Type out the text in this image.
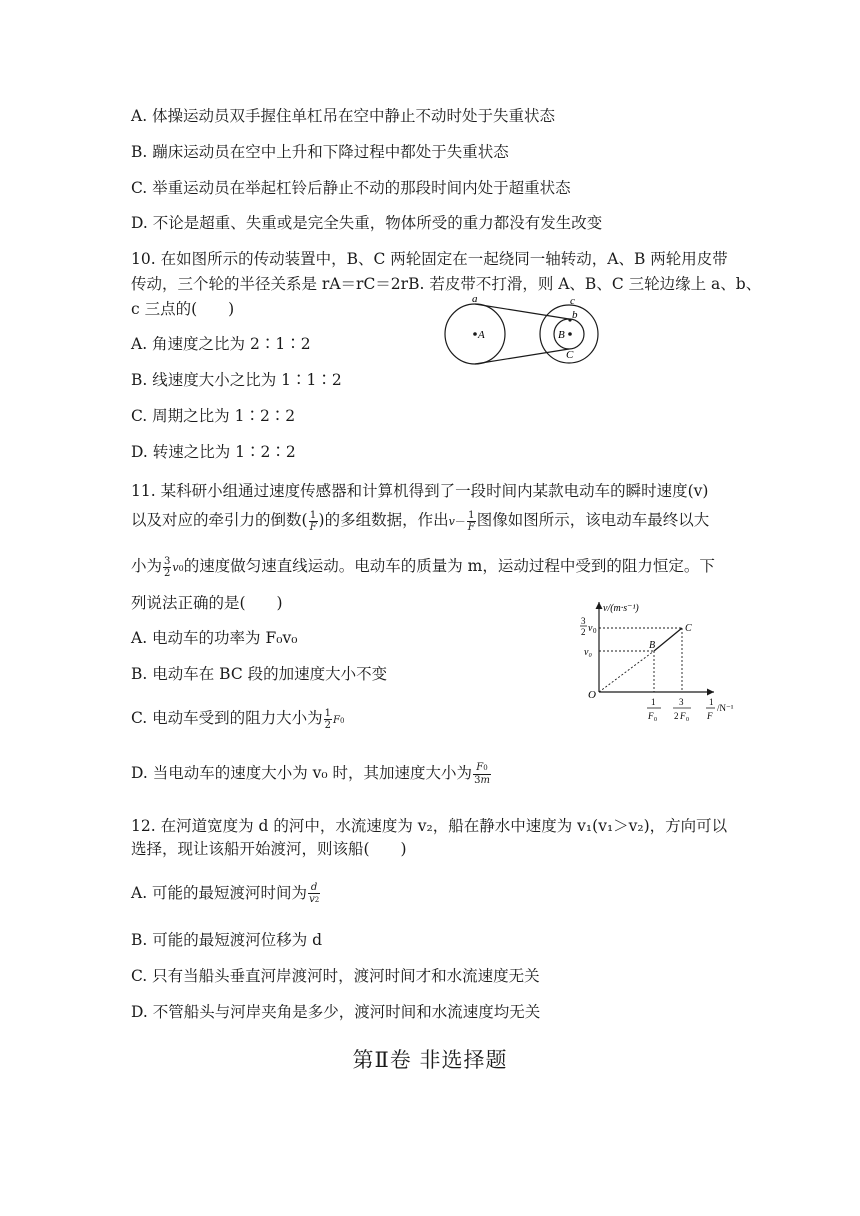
A. 体操运动员双手握住单杠吊在空中静止不动时处于失重状态
B. 蹦床运动员在空中上升和下降过程中都处于失重状态
C. 举重运动员在举起杠铃后静止不动的那段时间内处于超重状态
D. 不论是超重、失重或是完全失重，物体所受的重力都没有发生改变
10. 在如图所示的传动装置中，B、C 两轮固定在一起绕同一轴转动，A、B 两轮用皮带
传动，三个轮的半径关系是 rA＝rC＝2rB. 若皮带不打滑，则 A、B、C 三轮边缘上 a、b、
c 三点的(　　)
A. 角速度之比为 2∶1∶2
B. 线速度大小之比为 1∶1∶2
C. 周期之比为 1∶2∶2
D. 转速之比为 1∶2∶2
A	B
C
a
b
c
11. 某科研小组通过速度传感器和计算机得到了一段时间内某款电动车的瞬时速度(v)
以及对应的牵引力的倒数( $\frac{1}{F}$ )的多组数据，作出$v- \frac{1}{F}$ 图像如图所示，该电动车最终以大
小为 $\frac{3}{2} v0$的速度做匀速直线运动。电动车的质量为 m，运动过程中受到的阻力恒定。下
列说法正确的是(　　)
A. 电动车的功率为 F₀v₀
B. 电动车在 BC 段的加速度大小不变
C. 电动车受到的阻力大小为 $\frac{1}{2} F0$
D. 当电动车的速度大小为 v₀ 时，其加速度大小为 $\frac{F0}{3m}$
v/(m·s⁻¹)
O
B
C
v₀
3
2 v 0
1
F 0
3
2 F 0
1
F
/N⁻¹
12. 在河道宽度为 d 的河中，水流速度为 v₂，船在静水中速度为 v₁(v₁＞v₂)，方向可以
选择，现让该船开始渡河，则该船(　　)
A. 可能的最短渡河时间为 $\frac{d}{v2}$
B. 可能的最短渡河位移为 d
C. 只有当船头垂直河岸渡河时，渡河时间才和水流速度无关
D. 不管船头与河岸夹角是多少，渡河时间和水流速度均无关
第Ⅱ卷 非选择题
